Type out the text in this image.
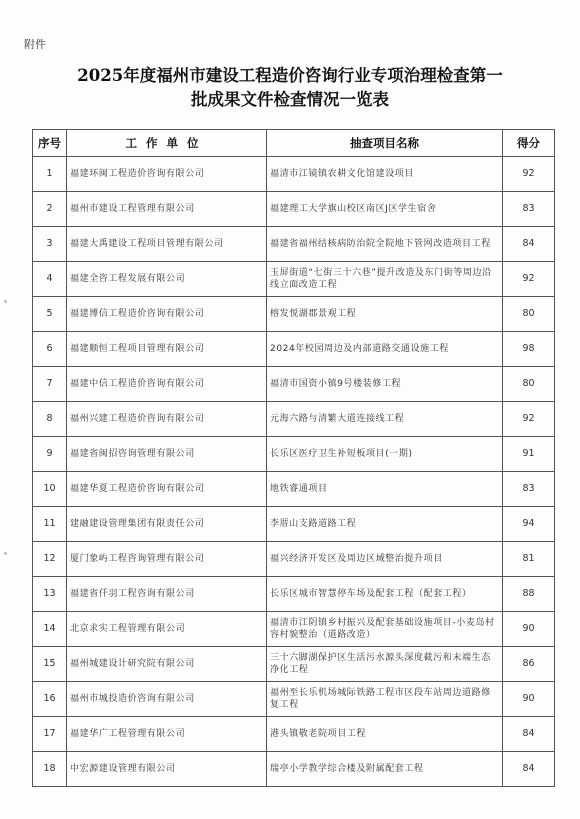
附件
2025年度福州市建设工程造价咨询行业专项治理检查第一
批成果文件检查情况一览表
序号	工作单位	抽查项目名称	得分
1	福建环闽工程造价咨询有限公司	福清市江镜镇农耕文化馆建设项目	92
2	福州市建设工程管理有限公司	福建理工大学旗山校区南区J区学生宿舍	83
3	福建大禹建设工程项目管理有限公司	福建省福州结核病防治院全院地下管网改造项目工程	84
4	福建全咨工程发展有限公司	玉屏街道“七街三十六巷”提升改造及东门街等周边沿线立面改造工程	92
5	福建博信工程造价咨询有限公司	榕发悦湖郡景观工程	80
6	福建顺恒工程项目管理有限公司	2024年校园周边及内部道路交通设施工程	98
7	福建中信工程造价咨询有限公司	福清市国资小镇9号楼装修工程	80
8	福州兴建工程造价咨询有限公司	元海六路与清繁大道连接线工程	92
9	福建省闽招咨询管理有限公司	长乐区医疗卫生补短板项目(一期)	91
10	福建华夏工程造价咨询有限公司	地铁睿通项目	83
11	建融建设管理集团有限责任公司	李厝山支路道路工程	94
12	厦门象屿工程咨询管理有限公司	福兴经济开发区及周边区域整治提升项目	81
13	福建省仟羽工程咨询有限公司	长乐区城市智慧停车场及配套工程（配套工程）	88
14	北京求实工程管理有限公司	福清市江阴镇乡村振兴及配套基础设施项目-小麦岛村容村貌整治（道路改造）	90
15	福州城建设计研究院有限公司	三十六脚湖保护区生活污水源头深度截污和末端生态净化工程	86
16	福州市城投造价咨询有限公司	福州至长乐机场城际铁路工程市区段车站周边道路修复工程	90
17	福建华广工程管理有限公司	港头镇敬老院项目工程	84
18	中宏源建设管理有限公司	瑞亭小学教学综合楼及附属配套工程	84
